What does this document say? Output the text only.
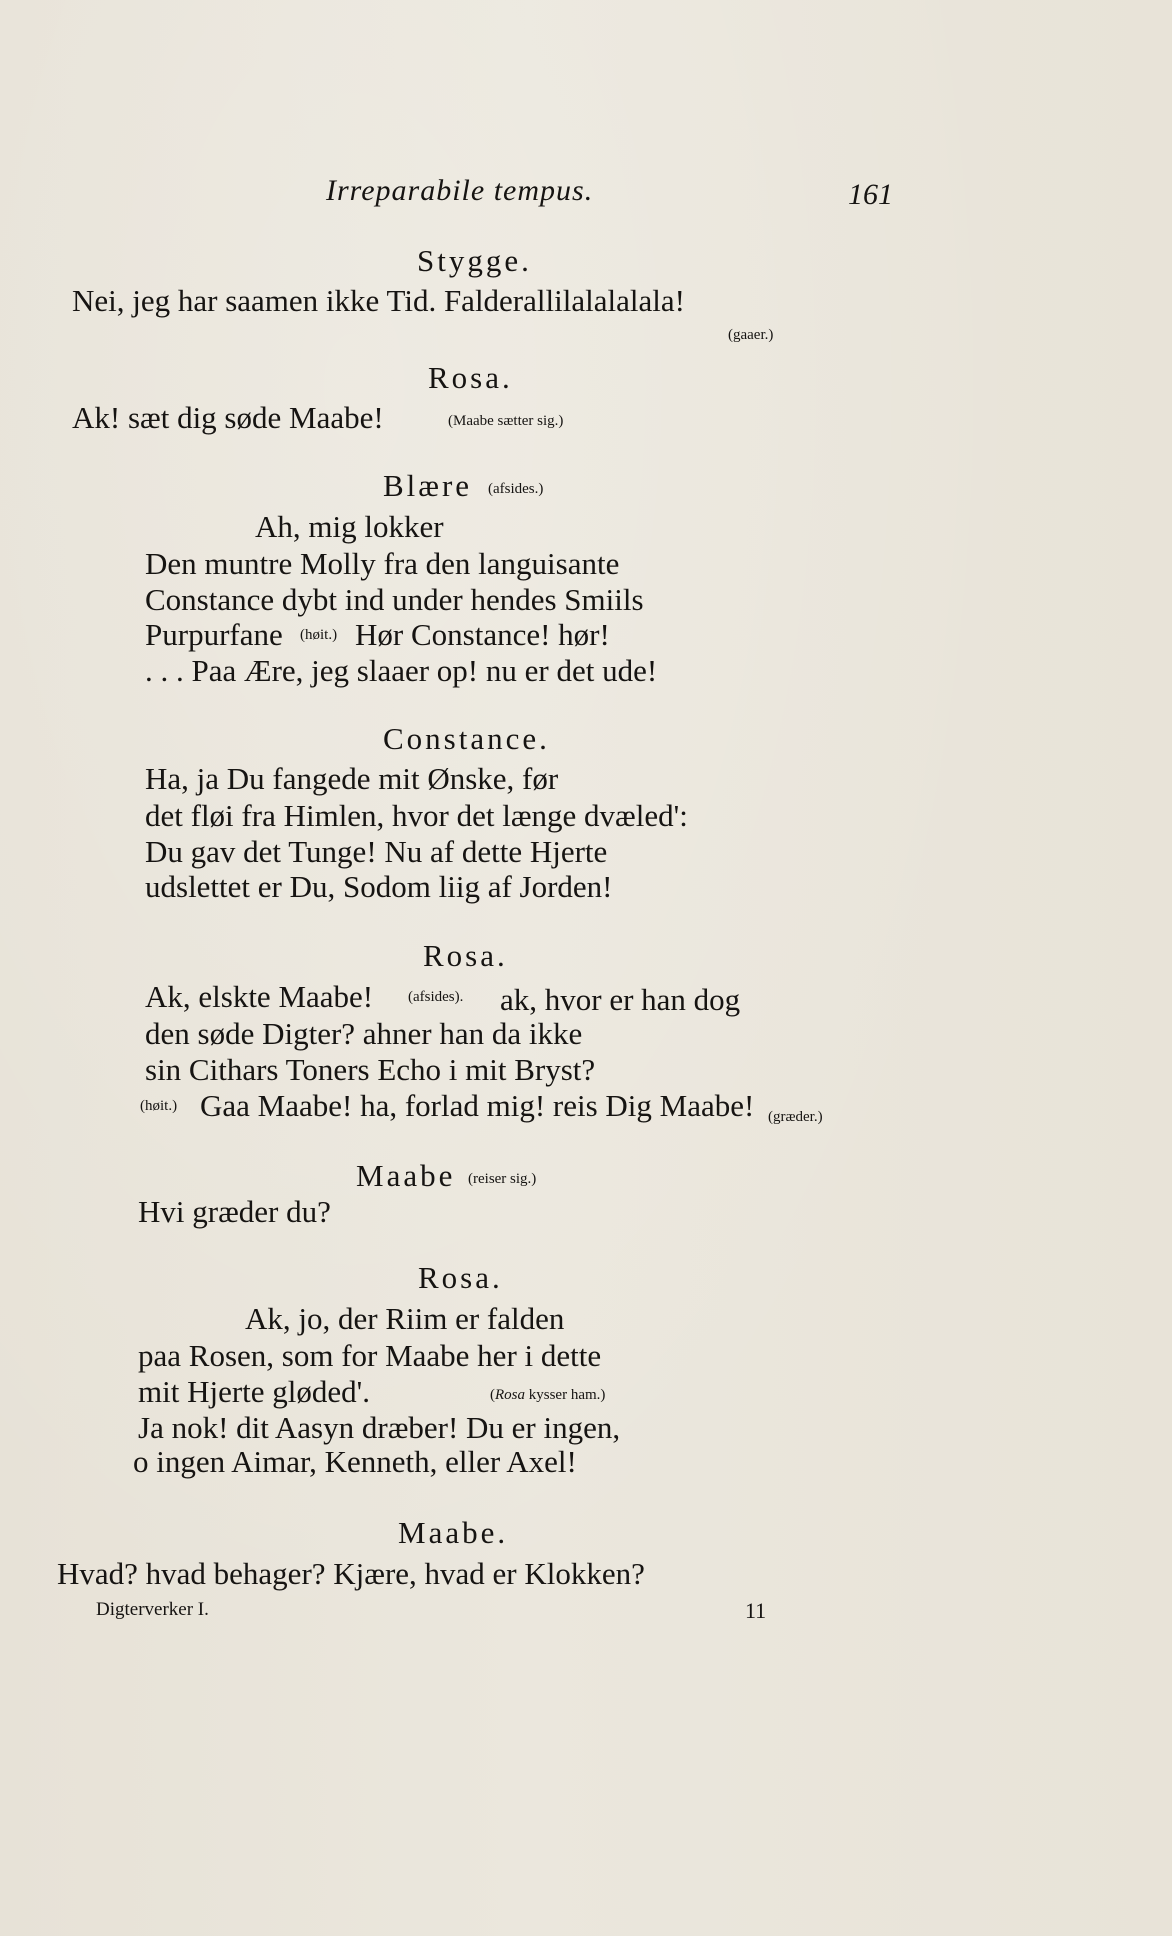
Irreparabile tempus.	161
Stygge.
Nei, jeg har saamen ikke Tid. Falderallilalalalala!
(gaaer.)
Rosa.
Ak! sæt dig søde Maabe!	(Maabe sætter sig.)
Blære (afsides.)
Ah, mig lokker
Den muntre Molly fra den languisante
Constance dybt ind under hendes Smiils
Purpurfane (høit.) Hør Constance! hør!
. . . Paa Ære, jeg slaaer op! nu er det ude!
Constance.
Ha, ja Du fangede mit Ønske, før
det fløi fra Himlen, hvor det længe dvæled':
Du gav det Tunge! Nu af dette Hjerte
udslettet er Du, Sodom liig af Jorden!
Rosa.
Ak, elskte Maabe! (afsides). ak, hvor er han dog
den søde Digter? ahner han da ikke
sin Cithars Toners Echo i mit Bryst?
(høit.) Gaa Maabe! ha, forlad mig! reis Dig Maabe! (græder.)
Maabe (reiser sig.)
Hvi græder du?
Rosa.
Ak, jo, der Riim er falden
paa Rosen, som for Maabe her i dette
mit Hjerte gløded'.	(Rosa kysser ham.)
Ja nok! dit Aasyn dræber! Du er ingen,
o ingen Aimar, Kenneth, eller Axel!
Maabe.
Hvad? hvad behager? Kjære, hvad er Klokken?
Digterverker I.	11
